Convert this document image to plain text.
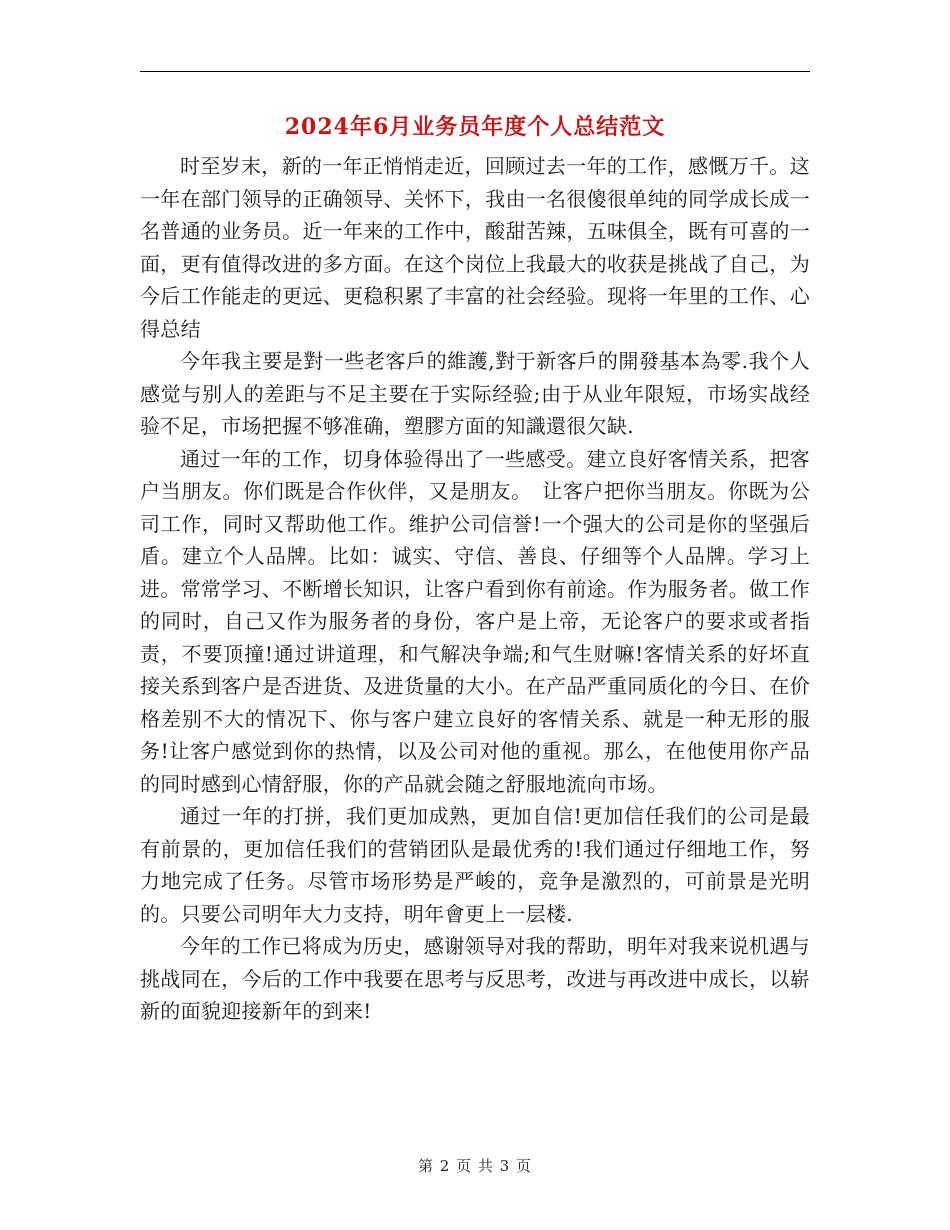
2024年6月业务员年度个人总结范文

时至岁末，新的一年正悄悄走近，回顾过去一年的工作，感慨万千。这一年在部门领导的正确领导、关怀下，我由一名很傻很单纯的同学成长成一名普通的业务员。近一年来的工作中，酸甜苦辣，五味俱全，既有可喜的一面，更有值得改进的多方面。在这个岗位上我最大的收获是挑战了自己，为今后工作能走的更远、更稳积累了丰富的社会经验。现将一年里的工作、心得总结

今年我主要是對一些老客戶的維護,對于新客戶的開發基本為零.我个人感觉与别人的差距与不足主要在于实际经验;由于从业年限短，市场实战经验不足，市场把握不够准确，塑膠方面的知識還很欠缺.

通过一年的工作，切身体验得出了一些感受。建立良好客情关系，把客户当朋友。你们既是合作伙伴，又是朋友。　让客户把你当朋友。你既为公司工作，同时又帮助他工作。维护公司信誉!一个强大的公司是你的坚强后盾。建立个人品牌。比如：诚实、守信、善良、仔细等个人品牌。学习上进。常常学习、不断增长知识，让客户看到你有前途。作为服务者。做工作的同时，自己又作为服务者的身份，客户是上帝，无论客户的要求或者指责，不要顶撞!通过讲道理，和气解决争端;和气生财嘛!客情关系的好坏直接关系到客户是否进货、及进货量的大小。在产品严重同质化的今日、在价格差别不大的情况下、你与客户建立良好的客情关系、就是一种无形的服务!让客户感觉到你的热情，以及公司对他的重视。那么，在他使用你产品的同时感到心情舒服，你的产品就会随之舒服地流向市场。

通过一年的打拼，我们更加成熟，更加自信!更加信任我们的公司是最有前景的，更加信任我们的营销团队是最优秀的!我们通过仔细地工作，努力地完成了任务。尽管市场形势是严峻的，竞争是激烈的，可前景是光明的。只要公司明年大力支持，明年會更上一层楼.

今年的工作已将成为历史，感谢领导对我的帮助，明年对我来说机遇与挑战同在，今后的工作中我要在思考与反思考，改进与再改进中成长，以崭新的面貌迎接新年的到来!

第 2 页 共 3 页
